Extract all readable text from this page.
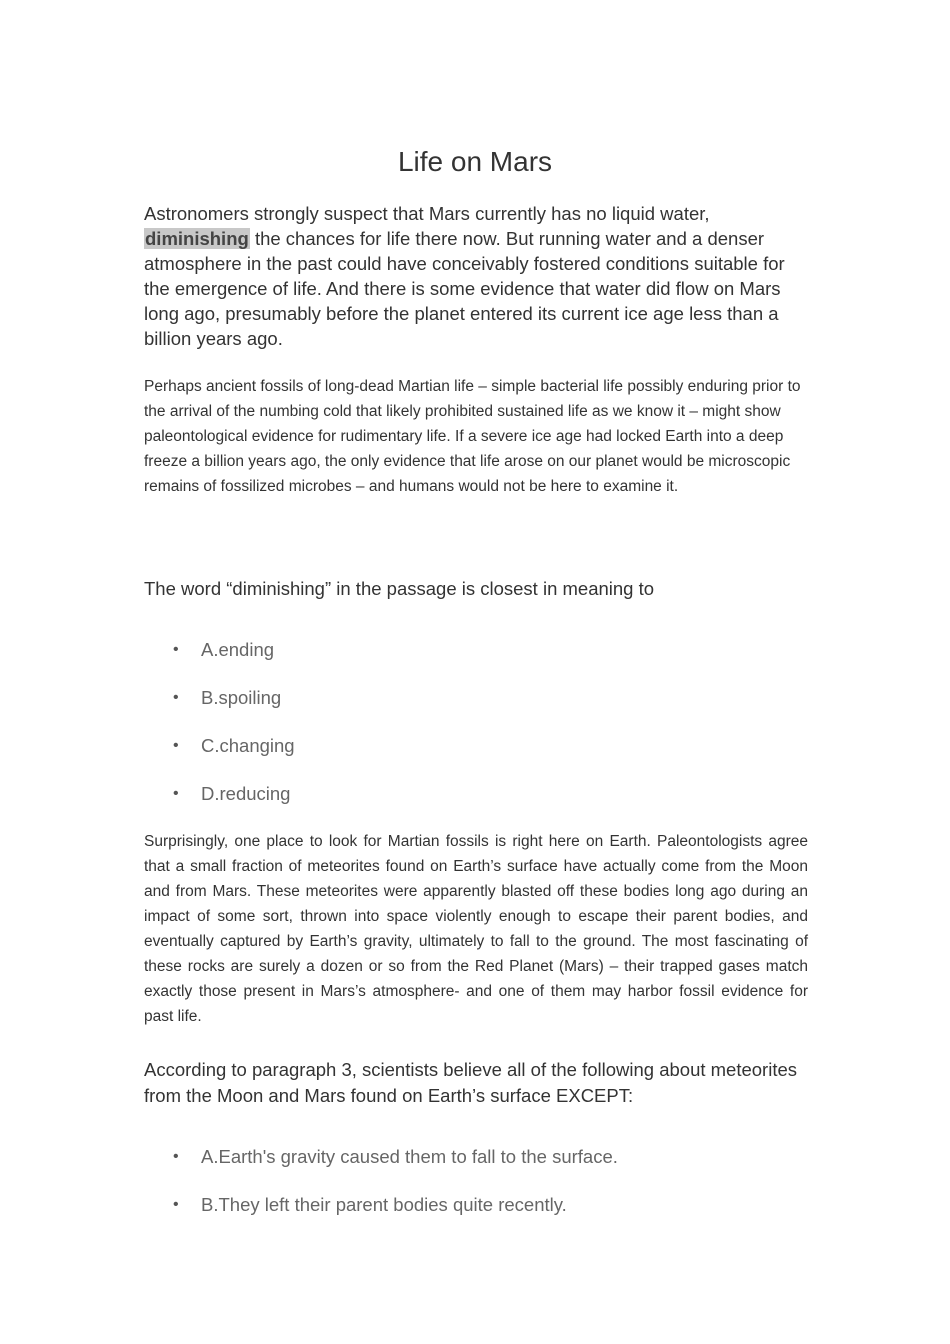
Life on Mars

Astronomers strongly suspect that Mars currently has no liquid water, diminishing the chances for life there now. But running water and a denser atmosphere in the past could have conceivably fostered conditions suitable for the emergence of life. And there is some evidence that water did flow on Mars long ago, presumably before the planet entered its current ice age less than a billion years ago.

Perhaps ancient fossils of long-dead Martian life – simple bacterial life possibly enduring prior to the arrival of the numbing cold that likely prohibited sustained life as we know it – might show paleontological evidence for rudimentary life. If a severe ice age had locked Earth into a deep freeze a billion years ago, the only evidence that life arose on our planet would be microscopic remains of fossilized microbes – and humans would not be here to examine it.

The word “diminishing” in the passage is closest in meaning to

• A.ending
• B.spoiling
• C.changing
• D.reducing

Surprisingly, one place to look for Martian fossils is right here on Earth. Paleontologists agree that a small fraction of meteorites found on Earth’s surface have actually come from the Moon and from Mars. These meteorites were apparently blasted off these bodies long ago during an impact of some sort, thrown into space violently enough to escape their parent bodies, and eventually captured by Earth’s gravity, ultimately to fall to the ground. The most fascinating of these rocks are surely a dozen or so from the Red Planet (Mars) – their trapped gases match exactly those present in Mars’s atmosphere- and one of them may harbor fossil evidence for past life.

According to paragraph 3, scientists believe all of the following about meteorites from the Moon and Mars found on Earth’s surface EXCEPT:

• A.Earth's gravity caused them to fall to the surface.
• B.They left their parent bodies quite recently.
